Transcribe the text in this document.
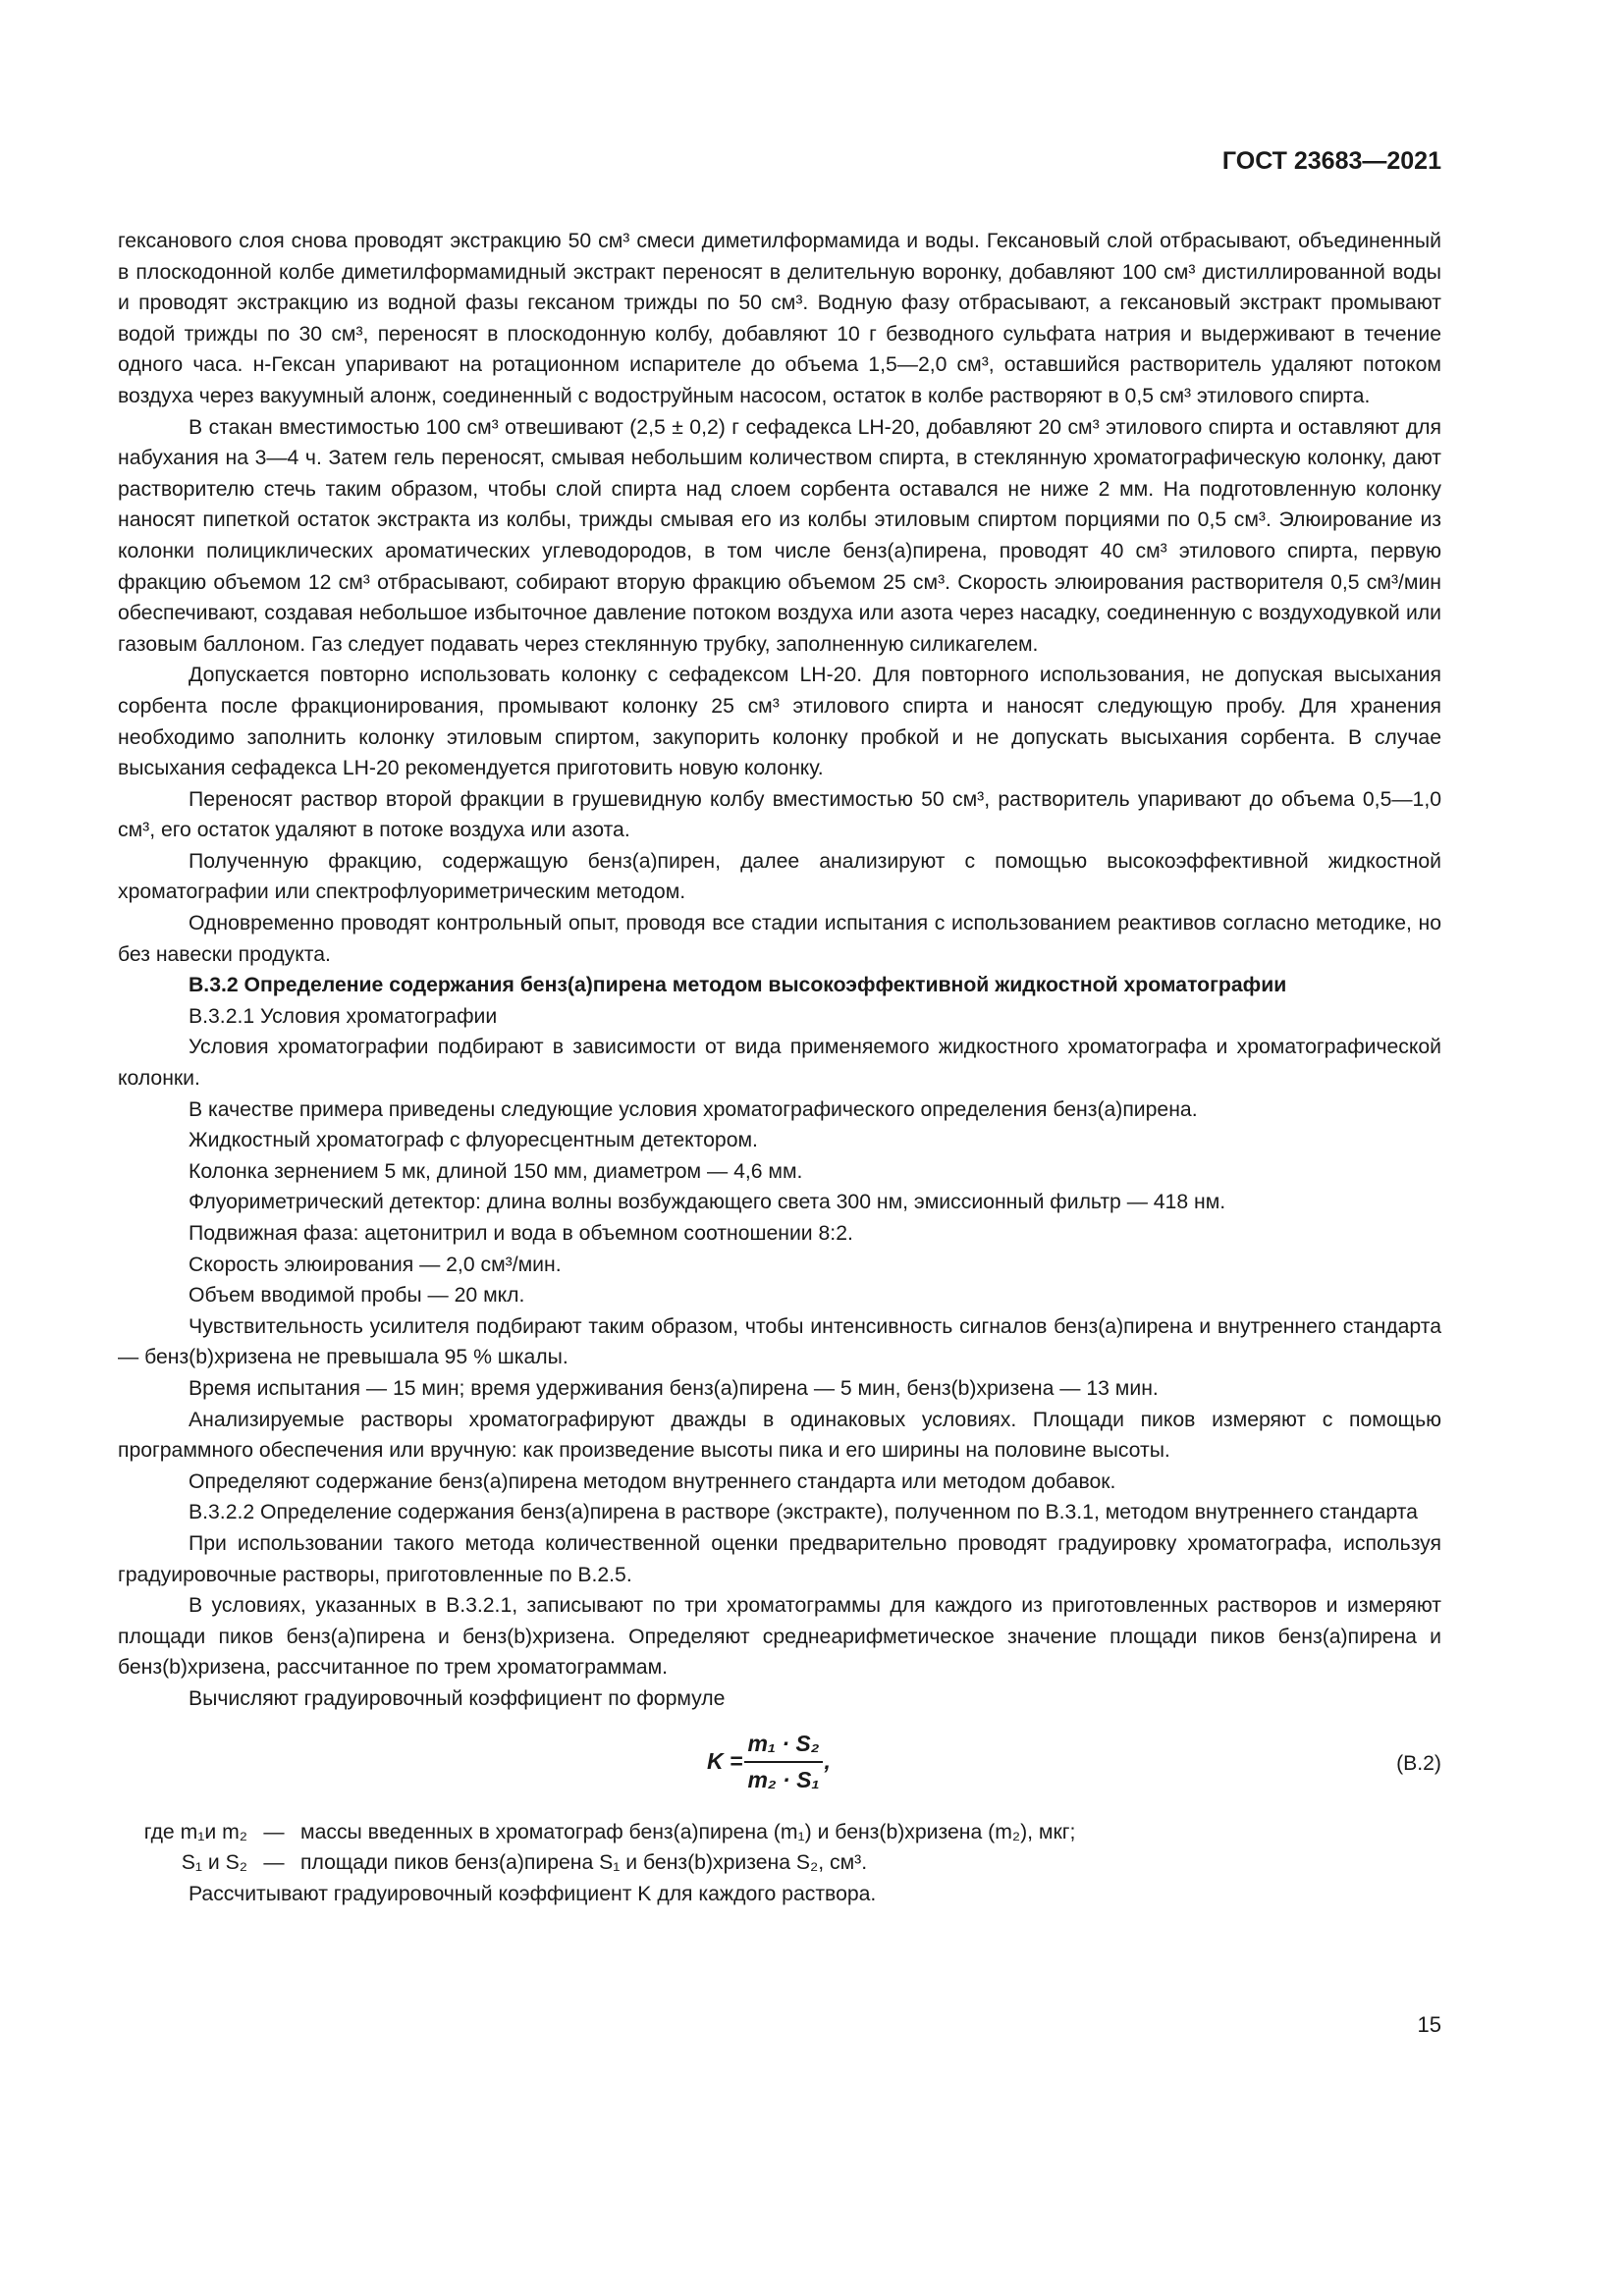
ГОСТ 23683—2021

гексанового слоя снова проводят экстракцию 50 см³ смеси диметилформамида и воды. Гексановый слой отбрасывают, объединенный в плоскодонной колбе диметилформамидный экстракт переносят в делительную воронку, добавляют 100 см³ дистиллированной воды и проводят экстракцию из водной фазы гексаном трижды по 50 см³. Водную фазу отбрасывают, а гексановый экстракт промывают водой трижды по 30 см³, переносят в плоскодонную колбу, добавляют 10 г безводного сульфата натрия и выдерживают в течение одного часа. н-Гексан упаривают на ротационном испарителе до объема 1,5—2,0 см³, оставшийся растворитель удаляют потоком воздуха через вакуумный алонж, соединенный с водоструйным насосом, остаток в колбе растворяют в 0,5 см³ этилового спирта.

В стакан вместимостью 100 см³ отвешивают (2,5 ± 0,2) г сефадекса LH-20, добавляют 20 см³ этилового спирта и оставляют для набухания на 3—4 ч. Затем гель переносят, смывая небольшим количеством спирта, в стеклянную хроматографическую колонку, дают растворителю стечь таким образом, чтобы слой спирта над слоем сорбента оставался не ниже 2 мм. На подготовленную колонку наносят пипеткой остаток экстракта из колбы, трижды смывая его из колбы этиловым спиртом порциями по 0,5 см³. Элюирование из колонки полициклических ароматических углеводородов, в том числе бенз(а)пирена, проводят 40 см³ этилового спирта, первую фракцию объемом 12 см³ отбрасывают, собирают вторую фракцию объемом 25 см³. Скорость элюирования растворителя 0,5 см³/мин обеспечивают, создавая небольшое избыточное давление потоком воздуха или азота через насадку, соединенную с воздуходувкой или газовым баллоном. Газ следует подавать через стеклянную трубку, заполненную силикагелем.

Допускается повторно использовать колонку с сефадексом LH-20. Для повторного использования, не допуская высыхания сорбента после фракционирования, промывают колонку 25 см³ этилового спирта и наносят следующую пробу. Для хранения необходимо заполнить колонку этиловым спиртом, закупорить колонку пробкой и не допускать высыхания сорбента. В случае высыхания сефадекса LH-20 рекомендуется приготовить новую колонку.

Переносят раствор второй фракции в грушевидную колбу вместимостью 50 см³, растворитель упаривают до объема 0,5—1,0 см³, его остаток удаляют в потоке воздуха или азота.

Полученную фракцию, содержащую бенз(а)пирен, далее анализируют с помощью высокоэффективной жидкостной хроматографии или спектрофлуориметрическим методом.

Одновременно проводят контрольный опыт, проводя все стадии испытания с использованием реактивов согласно методике, но без навески продукта.

В.3.2 Определение содержания бенз(а)пирена методом высокоэффективной жидкостной хроматографии

В.3.2.1 Условия хроматографии

Условия хроматографии подбирают в зависимости от вида применяемого жидкостного хроматографа и хроматографической колонки.

В качестве примера приведены следующие условия хроматографического определения бенз(а)пирена.

Жидкостный хроматограф с флуоресцентным детектором.

Колонка зернением 5 мк, длиной 150 мм, диаметром — 4,6 мм.

Флуориметрический детектор: длина волны возбуждающего света 300 нм, эмиссионный фильтр — 418 нм.

Подвижная фаза: ацетонитрил и вода в объемном соотношении 8:2.

Скорость элюирования — 2,0 см³/мин.

Объем вводимой пробы — 20 мкл.

Чувствительность усилителя подбирают таким образом, чтобы интенсивность сигналов бенз(а)пирена и внутреннего стандарта — бенз(b)хризена не превышала 95 % шкалы.

Время испытания — 15 мин; время удерживания бенз(а)пирена — 5 мин, бенз(b)хризена — 13 мин.

Анализируемые растворы хроматографируют дважды в одинаковых условиях. Площади пиков измеряют с помощью программного обеспечения или вручную: как произведение высоты пика и его ширины на половине высоты.

Определяют содержание бенз(а)пирена методом внутреннего стандарта или методом добавок.

В.3.2.2 Определение содержания бенз(а)пирена в растворе (экстракте), полученном по В.3.1, методом внутреннего стандарта

При использовании такого метода количественной оценки предварительно проводят градуировку хроматографа, используя градуировочные растворы, приготовленные по В.2.5.

В условиях, указанных в В.3.2.1, записывают по три хроматограммы для каждого из приготовленных растворов и измеряют площади пиков бенз(а)пирена и бенз(b)хризена. Определяют среднеарифметическое значение площади пиков бенз(а)пирена и бенз(b)хризена, рассчитанное по трем хроматограммам.

Вычисляют градуировочный коэффициент по формуле

$K = \frac{\text{m₁ · S₂}}{\text{m₂ · S₁}}$ ,	(В.2)
где m₁и m₂ — массы введенных в хроматограф бенз(а)пирена (m₁) и бенз(b)хризена (m₂), мкг;
S₁ и S₂ — площади пиков бенз(а)пирена S₁ и бенз(b)хризена S₂, см³.

Рассчитывают градуировочный коэффициент K для каждого раствора.

15
